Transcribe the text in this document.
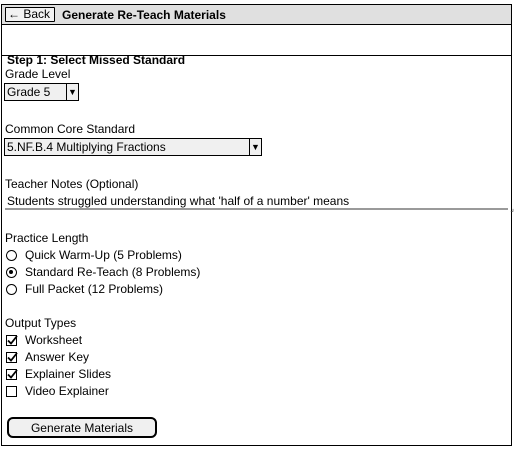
← Back	Generate Re-Teach Materials
Step 1: Select Missed Standard
Grade Level
Grade 5	▼
Common Core Standard
5.NF.B.4 Multiplying Fractions	▼
Teacher Notes (Optional)
Students struggled understanding what 'half of a number' means
⌟
Practice Length
Quick Warm-Up (5 Problems)
Standard Re-Teach (8 Problems)
Full Packet (12 Problems)
Output Types
Worksheet
Answer Key
Explainer Slides
Video Explainer
Generate Materials
